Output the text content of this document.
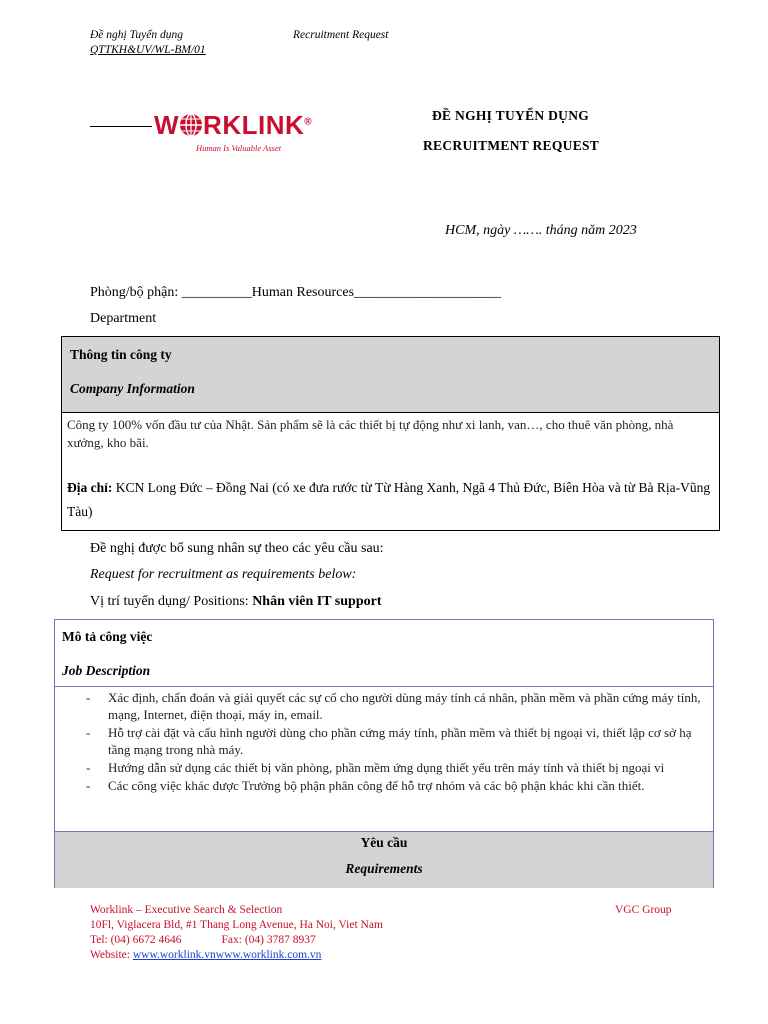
Đề nghị Tuyển dụng	Recruitment Request
QTTKH&UV/WL-BM/01
W RKLINK®
Human Is Valuable Asset
ĐỀ NGHỊ TUYỂN DỤNG
RECRUITMENT REQUEST
HCM, ngày ……. tháng năm 2023
Phòng/bộ phận: __________Human Resources_____________________
Department
Thông tin công ty
Company Information
Công ty 100% vốn đầu tư của Nhật. Sản phẩm sẽ là các thiết bị tự động như xi lanh, van…, cho thuê văn phòng, nhà xưởng, kho bãi.
Địa chỉ: KCN Long Đức – Đồng Nai (có xe đưa rước từ Từ Hàng Xanh, Ngã 4 Thủ Đức, Biên Hòa và từ Bà Rịa-Vũng Tàu)
Đề nghị được bổ sung nhân sự theo các yêu cầu sau:
Request for recruitment as requirements below:
Vị trí tuyển dụng/ Positions: Nhân viên IT support
Mô tả công việc
Job Description
- Xác định, chẩn đoán và giải quyết các sự cố cho người dùng máy tính cá nhân, phần mềm và phần cứng máy tính, mạng, Internet, điện thoại, máy in, email.
- Hỗ trợ cài đặt và cấu hình người dùng cho phần cứng máy tính, phần mềm và thiết bị ngoại vi, thiết lập cơ sở hạ tầng mạng trong nhà máy.
- Hướng dẫn sử dụng các thiết bị văn phòng, phần mềm ứng dụng thiết yếu trên máy tính và thiết bị ngoại vi
- Các công việc khác được Trưởng bộ phận phân công để hỗ trợ nhóm và các bộ phận khác khi cần thiết.
Yêu cầu
Requirements
Worklink – Executive Search & Selection	VGC Group
10Fl, Viglacera Bld, #1 Thang Long Avenue, Ha Noi, Viet Nam
Tel: (04) 6672 4646	Fax: (04) 3787 8937
Website: www.worklink.vnwww.worklink.com.vn
